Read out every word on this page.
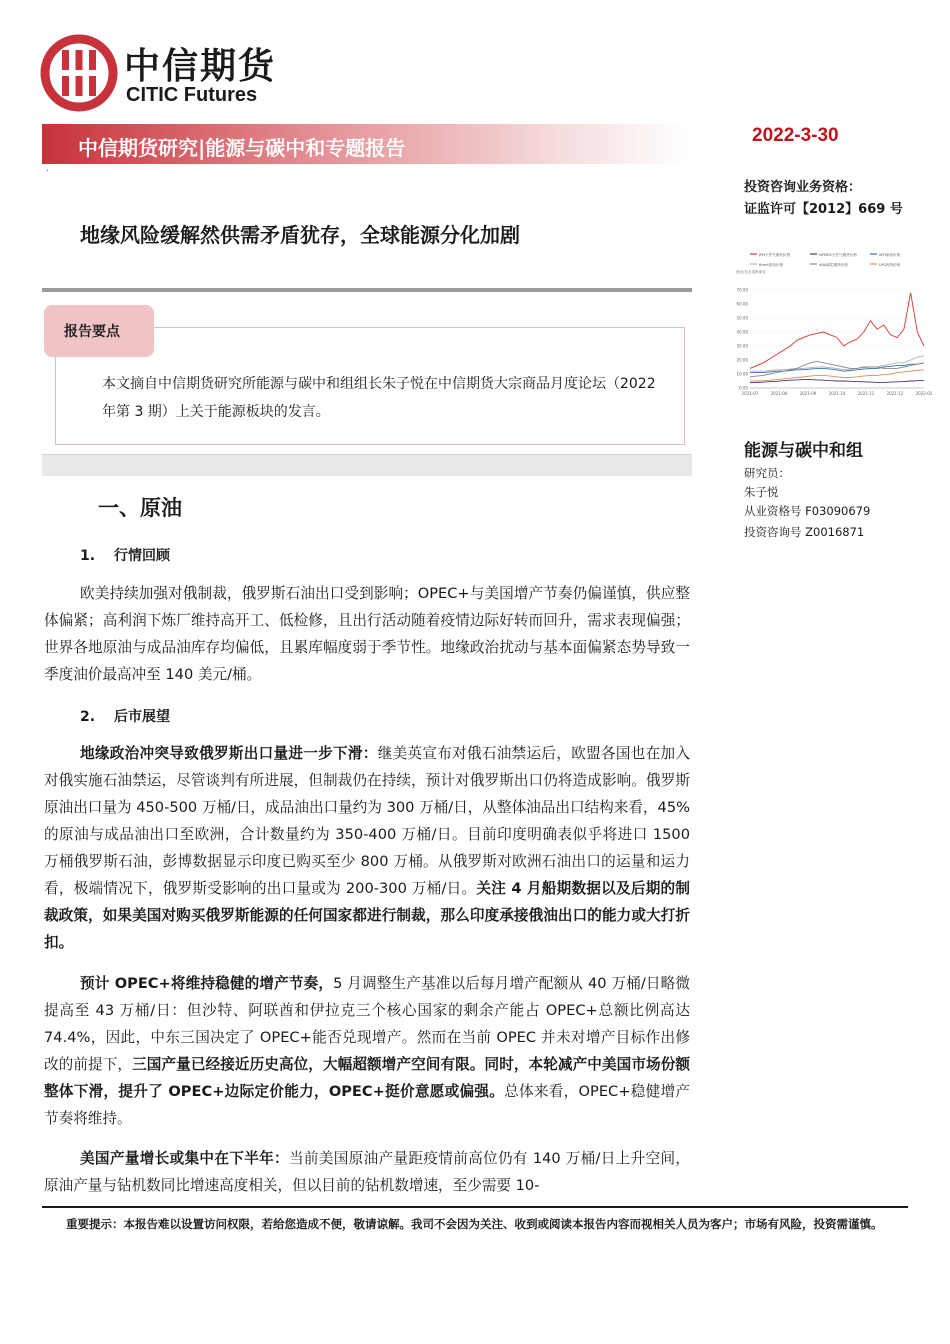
中信期货
CITIC Futures
中信期货研究|能源与碳中和专题报告
·
2022-3-30
投资咨询业务资格：
证监许可【2012】669 号
地缘风险缓解然供需矛盾犹存，全球能源分化加剧
报告要点
本文摘自中信期货研究所能源与碳中和组组长朱子悦在中信期货大宗商品月度论坛（2022 年第 3 期）上关于能源板块的发言。
JPN天然气期货价格	NYMEX天然气期货价格	WTI原油价格
Brent原油价格	ARA煤炭期货价格	LPG现货价格
美元/百万英热单位
70.00
60.00
50.00
40.00
30.00
20.00
10.00
0.00
2021-07	2021-08	2021-09	2021-10	2021-11	2021-12	2022-01
能源与碳中和组
研究员：
朱子悦
从业资格号 F03090679
投资咨询号 Z0016871
一、原油
1. 行情回顾
欧美持续加强对俄制裁，俄罗斯石油出口受到影响；OPEC+与美国增产节奏仍偏谨慎，供应整体偏紧；高利润下炼厂维持高开工、低检修，且出行活动随着疫情边际好转而回升，需求表现偏强；世界各地原油与成品油库存均偏低，且累库幅度弱于季节性。地缘政治扰动与基本面偏紧态势导致一季度油价最高冲至 140 美元/桶。
2. 后市展望
地缘政治冲突导致俄罗斯出口量进一步下滑：继美英宣布对俄石油禁运后，欧盟各国也在加入对俄实施石油禁运，尽管谈判有所进展，但制裁仍在持续，预计对俄罗斯出口仍将造成影响。俄罗斯原油出口量为 450-500 万桶/日，成品油出口量约为 300 万桶/日，从整体油品出口结构来看，45%的原油与成品油出口至欧洲，合计数量约为 350-400 万桶/日。目前印度明确表似乎将进口 1500 万桶俄罗斯石油，彭博数据显示印度已购买至少 800 万桶。从俄罗斯对欧洲石油出口的运量和运力看，极端情况下，俄罗斯受影响的出口量或为 200-300 万桶/日。关注 4 月船期数据以及后期的制裁政策，如果美国对购买俄罗斯能源的任何国家都进行制裁，那么印度承接俄油出口的能力或大打折扣。
预计 OPEC+将维持稳健的增产节奏，5 月调整生产基准以后每月增产配额从 40 万桶/日略微提高至 43 万桶/日：但沙特、阿联酋和伊拉克三个核心国家的剩余产能占 OPEC+总额比例高达 74.4%，因此，中东三国决定了 OPEC+能否兑现增产。然而在当前 OPEC 并未对增产目标作出修改的前提下，三国产量已经接近历史高位，大幅超额增产空间有限。同时，本轮减产中美国市场份额整体下滑，提升了 OPEC+边际定价能力，OPEC+挺价意愿或偏强。总体来看，OPEC+稳健增产节奏将维持。
美国产量增长或集中在下半年：当前美国原油产量距疫情前高位仍有 140 万桶/日上升空间，原油产量与钻机数同比增速高度相关，但以目前的钻机数增速，至少需要 10-
重要提示：本报告难以设置访问权限，若给您造成不便，敬请谅解。我司不会因为关注、收到或阅读本报告内容而视相关人员为客户；市场有风险，投资需谨慎。
